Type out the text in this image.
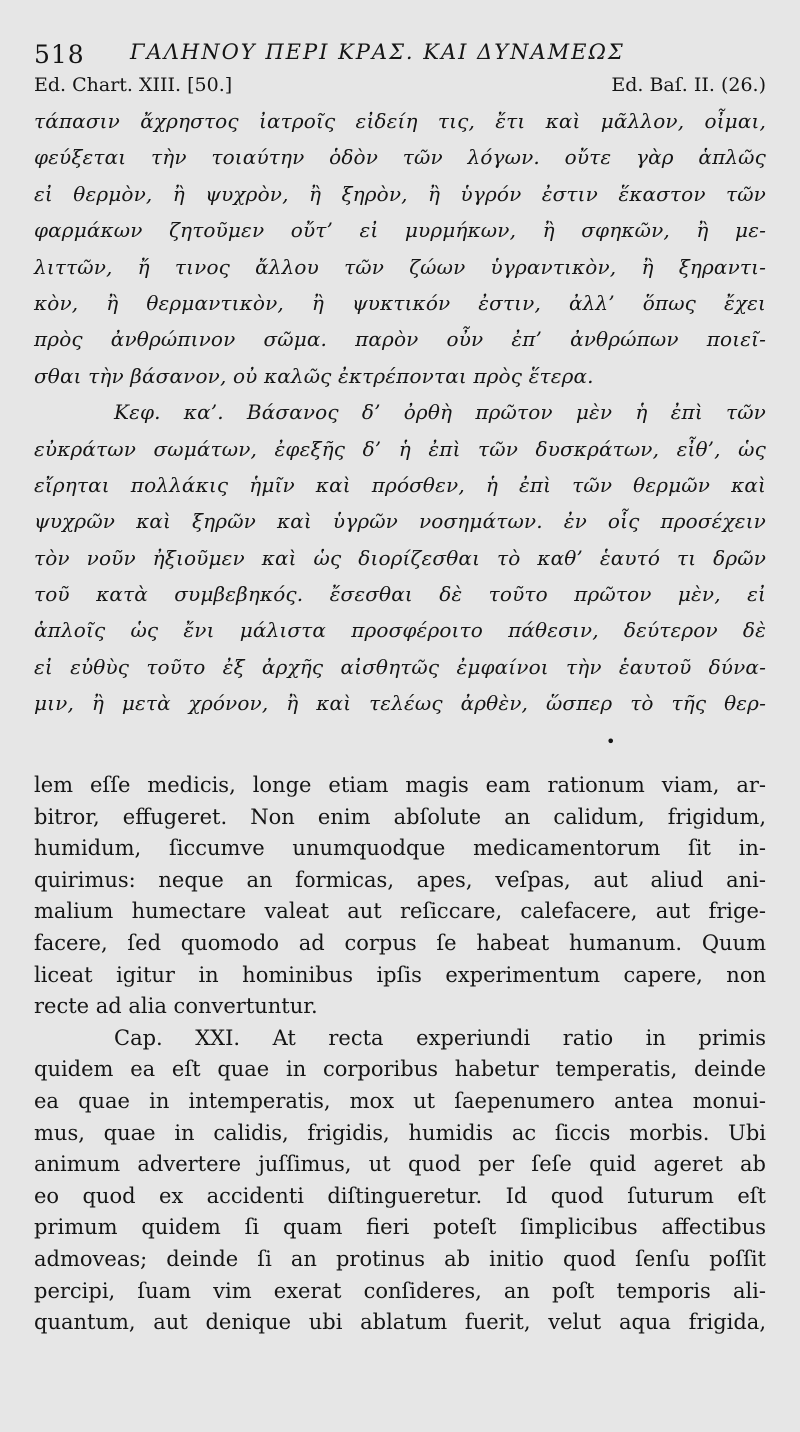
518 ΓΑΛΗΝΟΥ ΠΕΡΙ ΚΡΑΣ. ΚΑΙ ΔΥΝΑΜΕΩΣ
Ed. Chart. XIII. [50.]	Ed. Baſ. II. (26.)
τάπασιν ἄχρηστος ἰατροῖς εἰδείη τις, ἔτι καὶ μᾶλλον, οἶμαι,
φεύξεται τὴν τοιαύτην ὁδὸν τῶν λόγων. οὔτε γὰρ ἁπλῶς
εἰ θερμὸν, ἢ ψυχρὸν, ἢ ξηρὸν, ἢ ὑγρόν ἐστιν ἕκαστον τῶν
φαρμάκων ζητοῦμεν οὔτ’ εἰ μυρμήκων, ἢ σφηκῶν, ἢ με-
λιττῶν, ἤ τινος ἄλλου τῶν ζώων ὑγραντικὸν, ἢ ξηραντι-
κὸν, ἢ θερμαντικὸν, ἢ ψυκτικόν ἐστιν, ἀλλ’ ὅπως ἔχει
πρὸς ἀνθρώπινον σῶμα. παρὸν οὖν ἐπ’ ἀνθρώπων ποιεῖ-
σθαι τὴν βάσανον, οὐ καλῶς ἐκτρέπονται πρὸς ἕτερα.
Κεφ. κα’. Βάσανος δ’ ὀρθὴ πρῶτον μὲν ἡ ἐπὶ τῶν
εὐκράτων σωμάτων, ἐφεξῆς δ’ ἡ ἐπὶ τῶν δυσκράτων, εἶθ’, ὡς
εἴρηται πολλάκις ἡμῖν καὶ πρόσθεν, ἡ ἐπὶ τῶν θερμῶν καὶ
ψυχρῶν καὶ ξηρῶν καὶ ὑγρῶν νοσημάτων. ἐν οἷς προσέχειν
τὸν νοῦν ἠξιοῦμεν καὶ ὡς διορίζεσθαι τὸ καθ’ ἑαυτό τι δρῶν
τοῦ κατὰ συμβεβηκός. ἔσεσθαι δὲ τοῦτο πρῶτον μὲν, εἰ
ἁπλοῖς ὡς ἔνι μάλιστα προσφέροιτο πάθεσιν, δεύτερον δὲ
εἰ εὐθὺς τοῦτο ἐξ ἀρχῆς αἰσθητῶς ἐμφαίνοι τὴν ἑαυτοῦ δύνα-
μιν, ἢ μετὰ χρόνον, ἢ καὶ τελέως ἀρθὲν, ὥσπερ τὸ τῆς θερ-
•
lem eſſe medicis, longe etiam magis eam rationum viam, ar-
bitror, effugeret. Non enim abſolute an calidum, frigidum,
humidum, ſiccumve unumquodque medicamentorum ſit in-
quirimus: neque an formicas, apes, veſpas, aut aliud ani-
malium humectare valeat aut reſiccare, calefacere, aut frige-
facere, ſed quomodo ad corpus ſe habeat humanum. Quum
liceat igitur in hominibus ipſis experimentum capere, non
recte ad alia convertuntur.
Cap. XXI. At recta experiundi ratio in primis
quidem ea eſt quae in corporibus habetur temperatis, deinde
ea quae in intemperatis, mox ut ſaepenumero antea monui-
mus, quae in calidis, frigidis, humidis ac ſiccis morbis. Ubi
animum advertere juſſimus, ut quod per ſeſe quid ageret ab
eo quod ex accidenti diſtingueretur. Id quod ſuturum eſt
primum quidem ſi quam fieri poteſt ſimplicibus affectibus
admoveas; deinde ſi an protinus ab initio quod ſenſu poſſit
percipi, ſuam vim exerat conſideres, an poſt temporis ali-
quantum, aut denique ubi ablatum fuerit, velut aqua frigida,
